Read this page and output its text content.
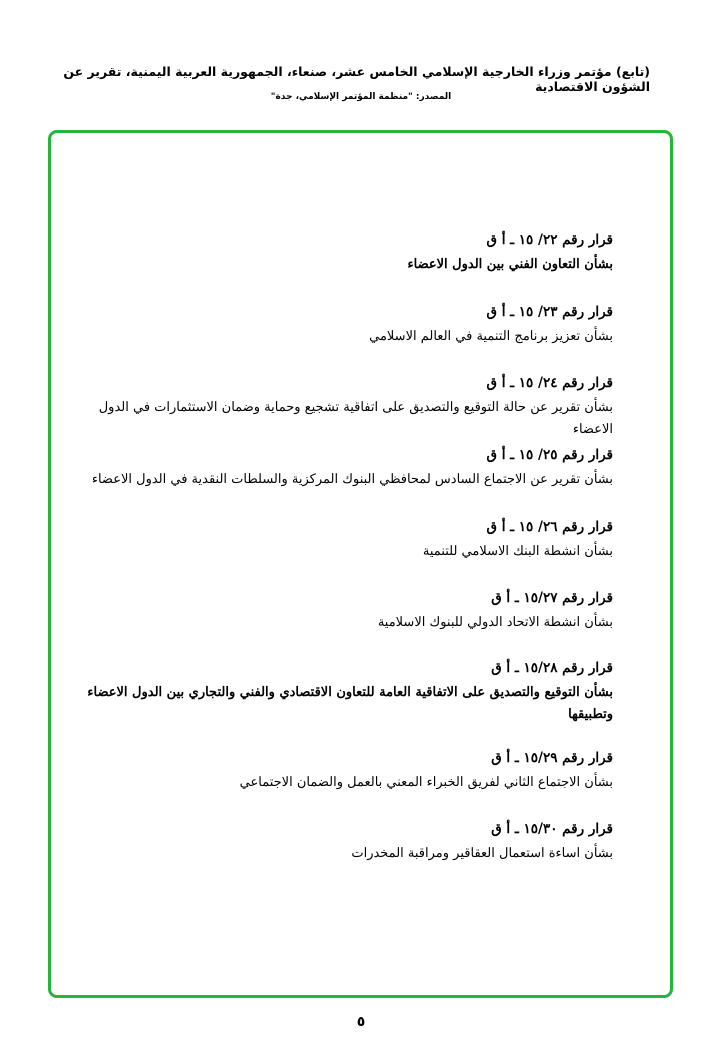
(تابع) مؤتمر وزراء الخارجية الإسلامي الخامس عشر، صنعاء، الجمهورية العربية اليمنية، تقرير عن الشؤون الاقتصادية
المصدر: "منظمة المؤتمر الإسلامي، جدة"
قرار رقم ٢٢/ ١٥ ـ أ ق
بشأن التعاون الفني بين الدول الاعضاء
قرار رقم ٢٣/ ١٥ ـ أ ق
بشأن تعزيز برنامج التنمية في العالم الاسلامي
قرار رقم ٢٤/ ١٥ ـ أ ق
بشأن تقرير عن حالة التوقيع والتصديق على اتفاقية تشجيع وحماية وضمان الاستثمارات في الدول الاعضاء
قرار رقم ٢٥/ ١٥ ـ أ ق
بشأن تقرير عن الاجتماع السادس لمحافظي البنوك المركزية والسلطات النقدية في الدول الاعضاء
قرار رقم ٢٦/ ١٥ ـ أ ق
بشأن انشطة البنك الاسلامي للتنمية
قرار رقم ١٥/٢٧ ـ أ ق
بشأن انشطة الاتحاد الدولي للبنوك الاسلامية
قرار رقم ١٥/٢٨ ـ أ ق
بشأن التوقيع والتصديق على الاتفاقية العامة للتعاون الاقتصادي والفني والتجاري بين الدول الاعضاء وتطبيقها
قرار رقم ١٥/٢٩ ـ أ ق
بشأن الاجتماع الثاني لفريق الخبراء المعني بالعمل والضمان الاجتماعي
قرار رقم ١٥/٣٠ ـ أ ق
بشأن اساءة استعمال العقاقير ومراقبة المخدرات
٥
